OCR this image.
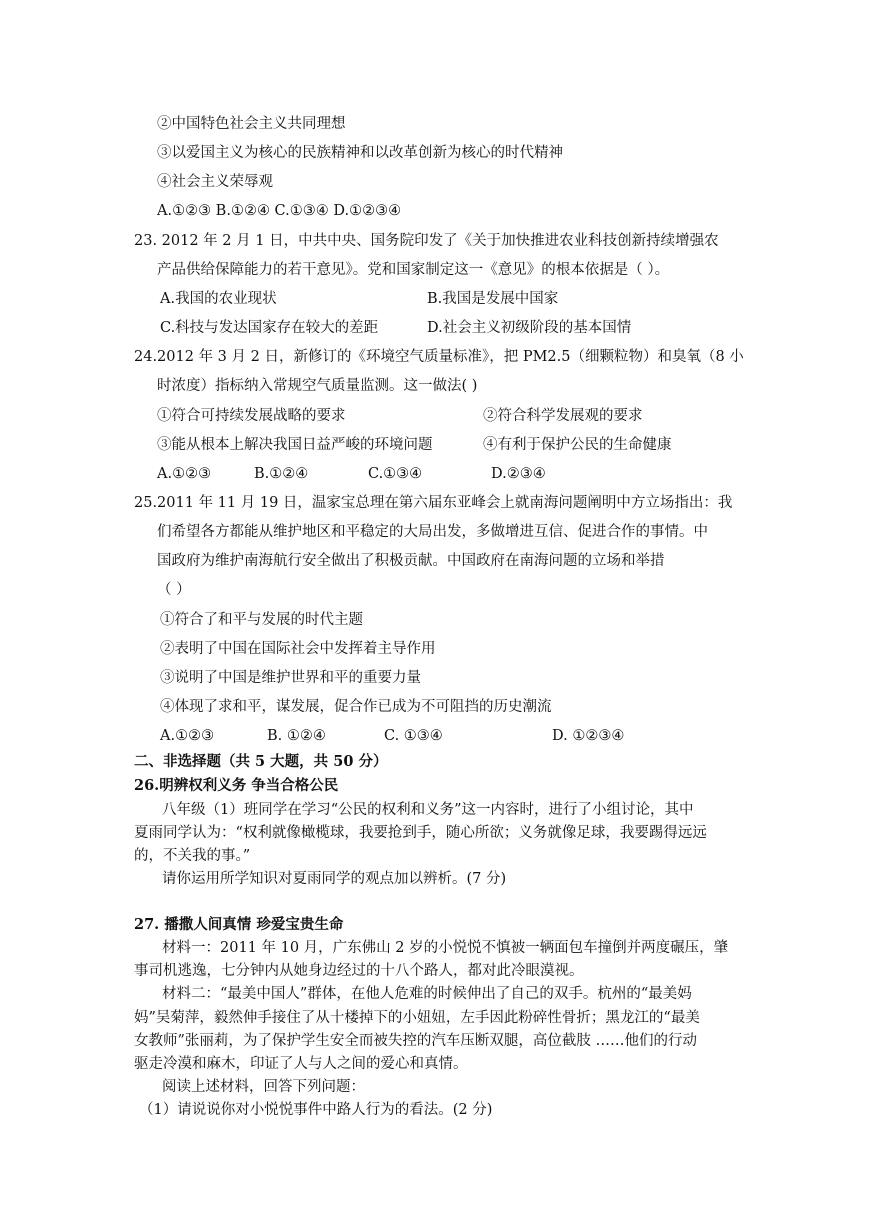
②中国特色社会主义共同理想
③以爱国主义为核心的民族精神和以改革创新为核心的时代精神
④社会主义荣辱观
A.①②③ B.①②④ C.①③④ D.①②③④
23. 2012 年 2 月 1 日，中共中央、国务院印发了《关于加快推进农业科技创新持续增强农
产品供给保障能力的若干意见》。党和国家制定这一《意见》的根本依据是（ ）。
A.我国的农业现状	B.我国是发展中国家
C.科技与发达国家存在较大的差距	D.社会主义初级阶段的基本国情
24.2012 年 3 月 2 日，新修订的《环境空气质量标准》，把 PM2.5（细颗粒物）和臭氧（8 小
时浓度）指标纳入常规空气质量监测。这一做法( )
①符合可持续发展战略的要求	②符合科学发展观的要求
③能从根本上解决我国日益严峻的环境问题	④有利于保护公民的生命健康
A.①②③	B.①②④	C.①③④	D.②③④
25.2011 年 11 月 19 日，温家宝总理在第六届东亚峰会上就南海问题阐明中方立场指出：我
们希望各方都能从维护地区和平稳定的大局出发，多做增进互信、促进合作的事情。中
国政府为维护南海航行安全做出了积极贡献。中国政府在南海问题的立场和举措
（ ）
①符合了和平与发展的时代主题
②表明了中国在国际社会中发挥着主导作用
③说明了中国是维护世界和平的重要力量
④体现了求和平，谋发展，促合作已成为不可阻挡的历史潮流
A.①②③	B. ①②④	C. ①③④	D. ①②③④
二、非选择题（共 5 大题，共 50 分）
26.明辨权利义务 争当合格公民
八年级（1）班同学在学习“公民的权利和义务”这一内容时，进行了小组讨论，其中
夏雨同学认为：“权利就像橄榄球，我要抢到手，随心所欲；义务就像足球，我要踢得远远
的，不关我的事。”
请你运用所学知识对夏雨同学的观点加以辨析。(7 分)
27. 播撒人间真情 珍爱宝贵生命
材料一：2011 年 10 月，广东佛山 2 岁的小悦悦不慎被一辆面包车撞倒并两度碾压，肇
事司机逃逸，七分钟内从她身边经过的十八个路人，都对此冷眼漠视。
材料二：“最美中国人”群体，在他人危难的时候伸出了自己的双手。杭州的“最美妈
妈”吴菊萍，毅然伸手接住了从十楼掉下的小妞妞，左手因此粉碎性骨折；黑龙江的“最美
女教师”张丽莉，为了保护学生安全而被失控的汽车压断双腿，高位截肢 ……他们的行动
驱走冷漠和麻木，印证了人与人之间的爱心和真情。
阅读上述材料，回答下列问题：
（1）请说说你对小悦悦事件中路人行为的看法。(2 分)
